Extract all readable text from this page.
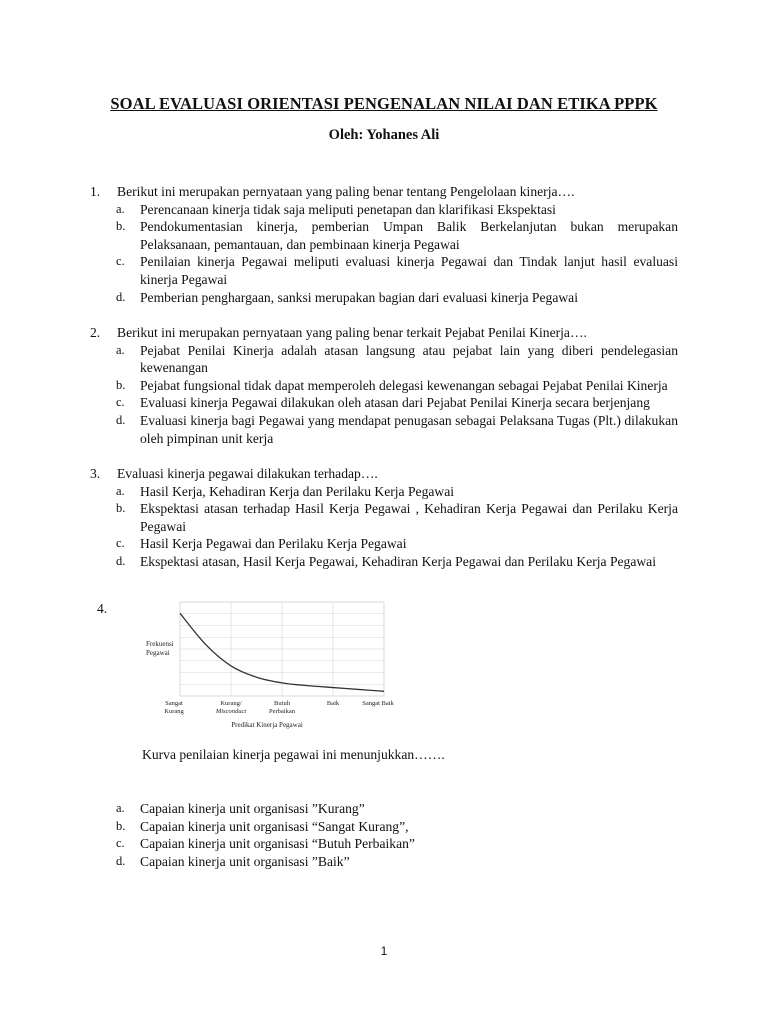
SOAL EVALUASI ORIENTASI PENGENALAN NILAI DAN ETIKA PPPK
Oleh: Yohanes Ali
1. Berikut ini merupakan pernyataan yang paling benar tentang Pengelolaan kinerja….
a. Perencanaan kinerja tidak saja meliputi penetapan dan klarifikasi Ekspektasi
b. Pendokumentasian kinerja, pemberian Umpan Balik Berkelanjutan bukan merupakan Pelaksanaan, pemantauan, dan pembinaan kinerja Pegawai
c. Penilaian kinerja Pegawai meliputi evaluasi kinerja Pegawai dan Tindak lanjut hasil evaluasi kinerja Pegawai
d. Pemberian penghargaan, sanksi merupakan bagian dari evaluasi kinerja Pegawai
2. Berikut ini merupakan pernyataan yang paling benar terkait Pejabat Penilai Kinerja….
a. Pejabat Penilai Kinerja adalah atasan langsung atau pejabat lain yang diberi pendelegasian kewenangan
b. Pejabat fungsional tidak dapat memperoleh delegasi kewenangan sebagai Pejabat Penilai Kinerja
c. Evaluasi kinerja Pegawai dilakukan oleh atasan dari Pejabat Penilai Kinerja secara berjenjang
d. Evaluasi kinerja bagi Pegawai yang mendapat penugasan sebagai Pelaksana Tugas (Plt.) dilakukan oleh pimpinan unit kerja
3. Evaluasi kinerja pegawai dilakukan terhadap….
a. Hasil Kerja, Kehadiran Kerja dan Perilaku Kerja Pegawai
b. Ekspektasi atasan terhadap Hasil Kerja Pegawai , Kehadiran Kerja Pegawai dan Perilaku Kerja Pegawai
c. Hasil Kerja Pegawai dan Perilaku Kerja Pegawai
d. Ekspektasi atasan, Hasil Kerja Pegawai, Kehadiran Kerja Pegawai dan Perilaku Kerja Pegawai
4.
Frekuensi
Pegawai
Sangat
Kurang
Kurang/
Misconduct
Butuh
Perbaikan
Baik	Sangat Baik
Predikat Kinerja Pegawai
Kurva penilaian kinerja pegawai ini menunjukkan…….
a. Capaian kinerja unit organisasi ”Kurang”
b. Capaian kinerja unit organisasi “Sangat Kurang”,
c. Capaian kinerja unit organisasi “Butuh Perbaikan”
d. Capaian kinerja unit organisasi ”Baik”
1
